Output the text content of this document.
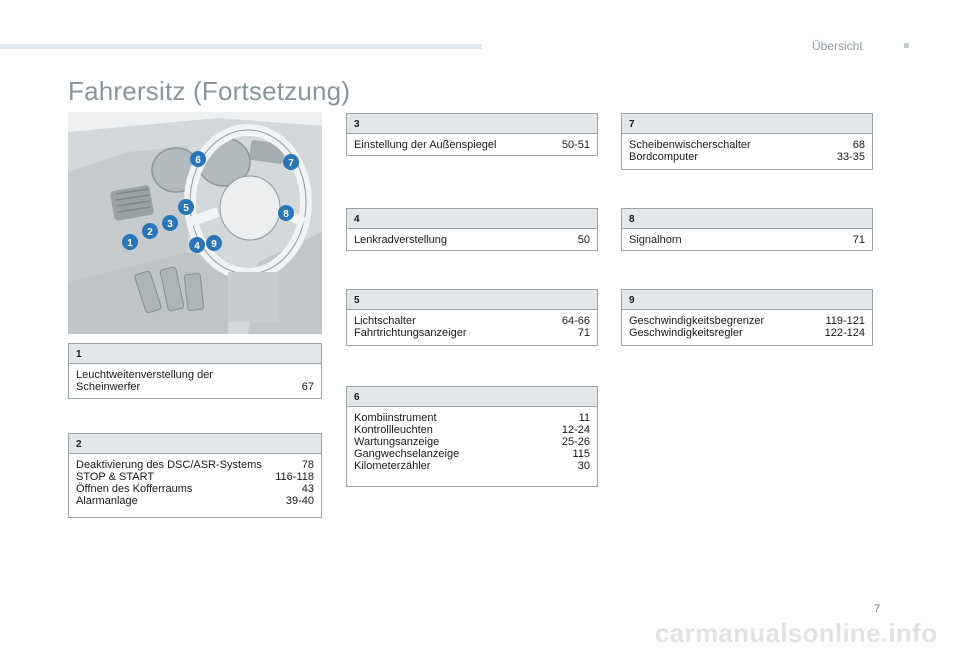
Übersicht
Fahrersitz (Fortsetzung)
1
2
3
4
5
6	7
8
9
1
Leuchtweitenverstellung der
Scheinwerfer	67
2
Deaktivierung des DSC/ASR-Systems	78
STOP & START	116-118
Öffnen des Kofferraums	43
Alarmanlage	39-40
3
Einstellung der Außenspiegel	50-51
4
Lenkradverstellung	50
5
Lichtschalter	64-66
Fahrtrichtungsanzeiger	71
6
Kombiinstrument	11
Kontrollleuchten	12-24
Wartungsanzeige	25-26
Gangwechselanzeige	115
Kilometerzähler	30
7
Scheibenwischerschalter	68
Bordcomputer	33-35
8
Signalhorn	71
9
Geschwindigkeitsbegrenzer	119-121
Geschwindigkeitsregler	122-124
7
carmanualsonline.info
